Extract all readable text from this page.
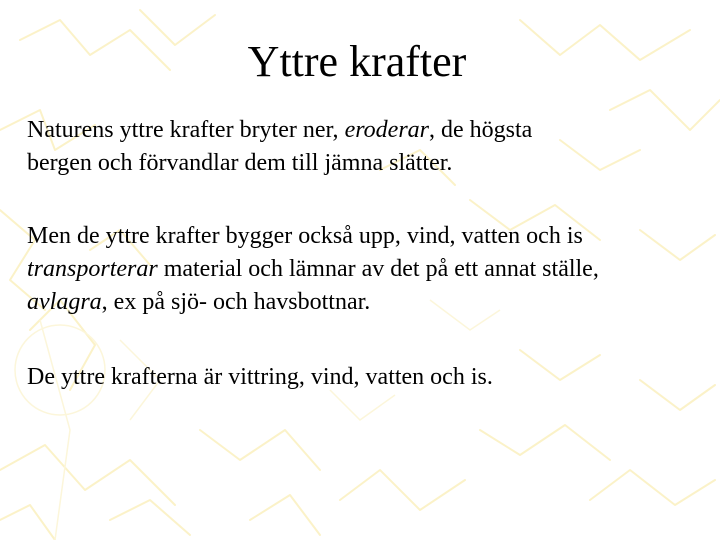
Yttre krafter

Naturens yttre krafter bryter ner, eroderar, de högsta
bergen och förvandlar dem till jämna slätter.

Men de yttre krafter bygger också upp, vind, vatten och is
transporterar material och lämnar av det på ett annat ställe,
avlagra, ex på sjö- och havsbottnar.

De yttre krafterna är vittring, vind, vatten och is.
